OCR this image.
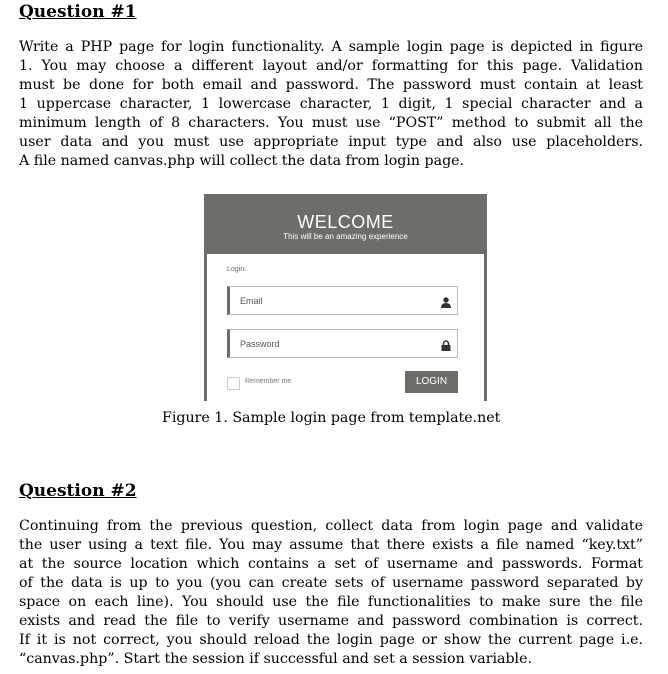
Question #1
Write a PHP page for login functionality. A sample login page is depicted in figure
1. You may choose a different layout and/or formatting for this page. Validation
must be done for both email and password. The password must contain at least
1 uppercase character, 1 lowercase character, 1 digit, 1 special character and a
minimum length of 8 characters. You must use “POST” method to submit all the
user data and you must use appropriate input type and also use placeholders.
A file named canvas.php will collect the data from login page.
WELCOME
This will be an amazing experience
Login:
Email
Password
Remember me	LOGIN
Figure 1. Sample login page from template.net
Question #2
Continuing from the previous question, collect data from login page and validate
the user using a text file. You may assume that there exists a file named “key.txt”
at the source location which contains a set of username and passwords. Format
of the data is up to you (you can create sets of username password separated by
space on each line). You should use the file functionalities to make sure the file
exists and read the file to verify username and password combination is correct.
If it is not correct, you should reload the login page or show the current page i.e.
“canvas.php”. Start the session if successful and set a session variable.
